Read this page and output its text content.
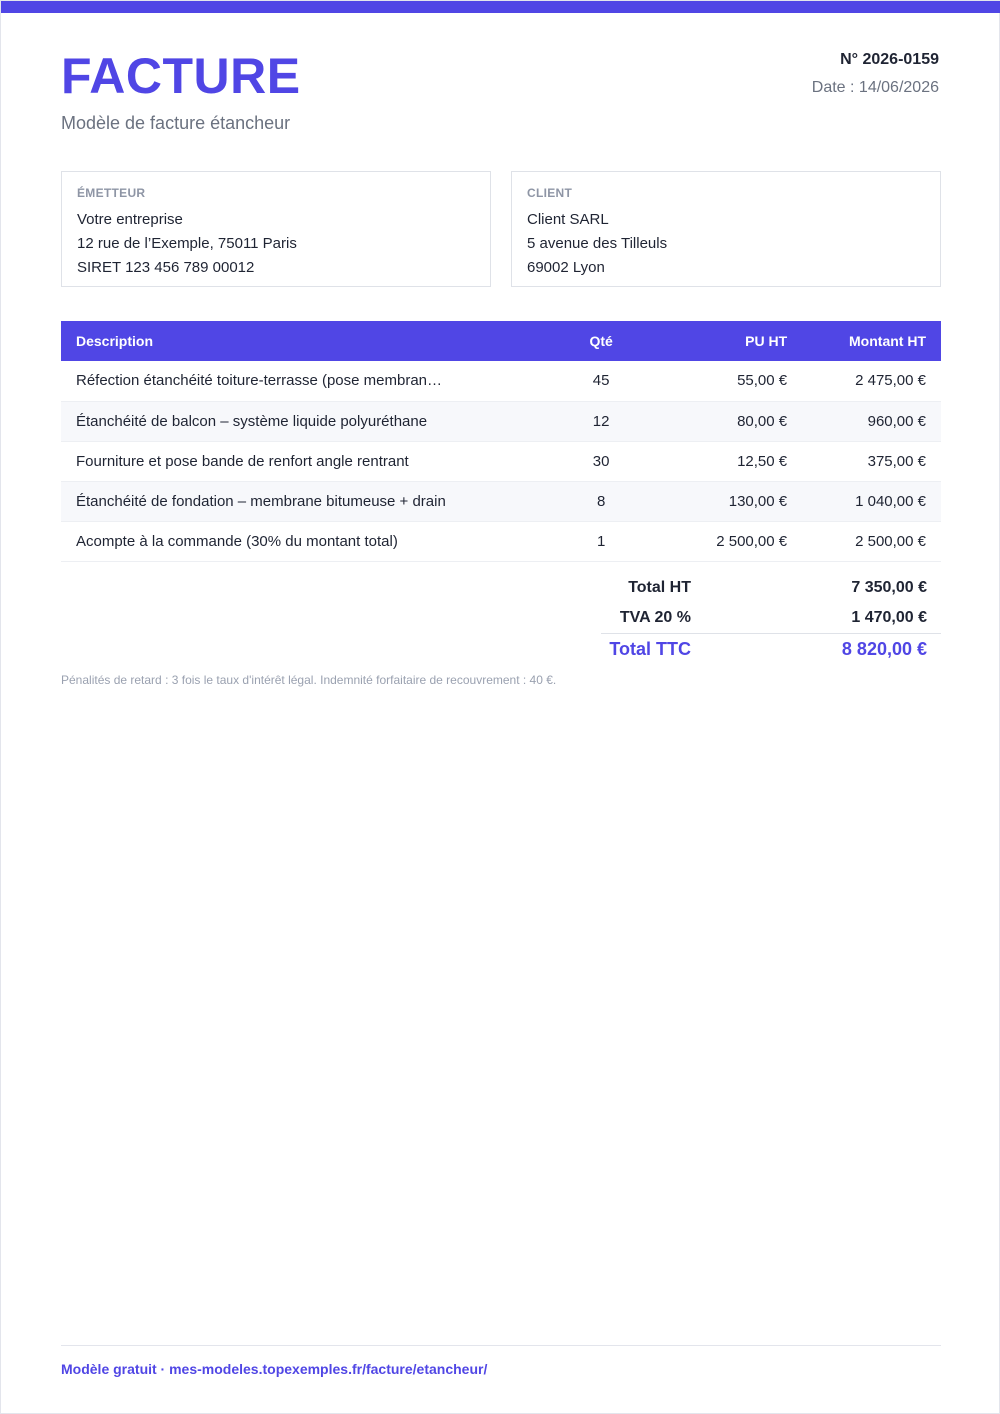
FACTURE
Modèle de facture étancheur
N° 2026-0159
Date : 14/06/2026
ÉMETTEUR
Votre entreprise
12 rue de l’Exemple, 75011 Paris
SIRET 123 456 789 00012
CLIENT
Client SARL
5 avenue des Tilleuls
69002 Lyon
Description	Qté	PU HT	Montant HT
Réfection étanchéité toiture-terrasse (pose membran…	45	55,00 €	2 475,00 €
Étanchéité de balcon – système liquide polyuréthane	12	80,00 €	960,00 €
Fourniture et pose bande de renfort angle rentrant	30	12,50 €	375,00 €
Étanchéité de fondation – membrane bitumeuse + drain	8	130,00 €	1 040,00 €
Acompte à la commande (30% du montant total)	1	2 500,00 €	2 500,00 €
Total HT	7 350,00 €
TVA 20 %	1 470,00 €
Total TTC	8 820,00 €
Pénalités de retard : 3 fois le taux d'intérêt légal. Indemnité forfaitaire de recouvrement : 40 €.
Modèle gratuit · mes-modeles.topexemples.fr/facture/etancheur/
